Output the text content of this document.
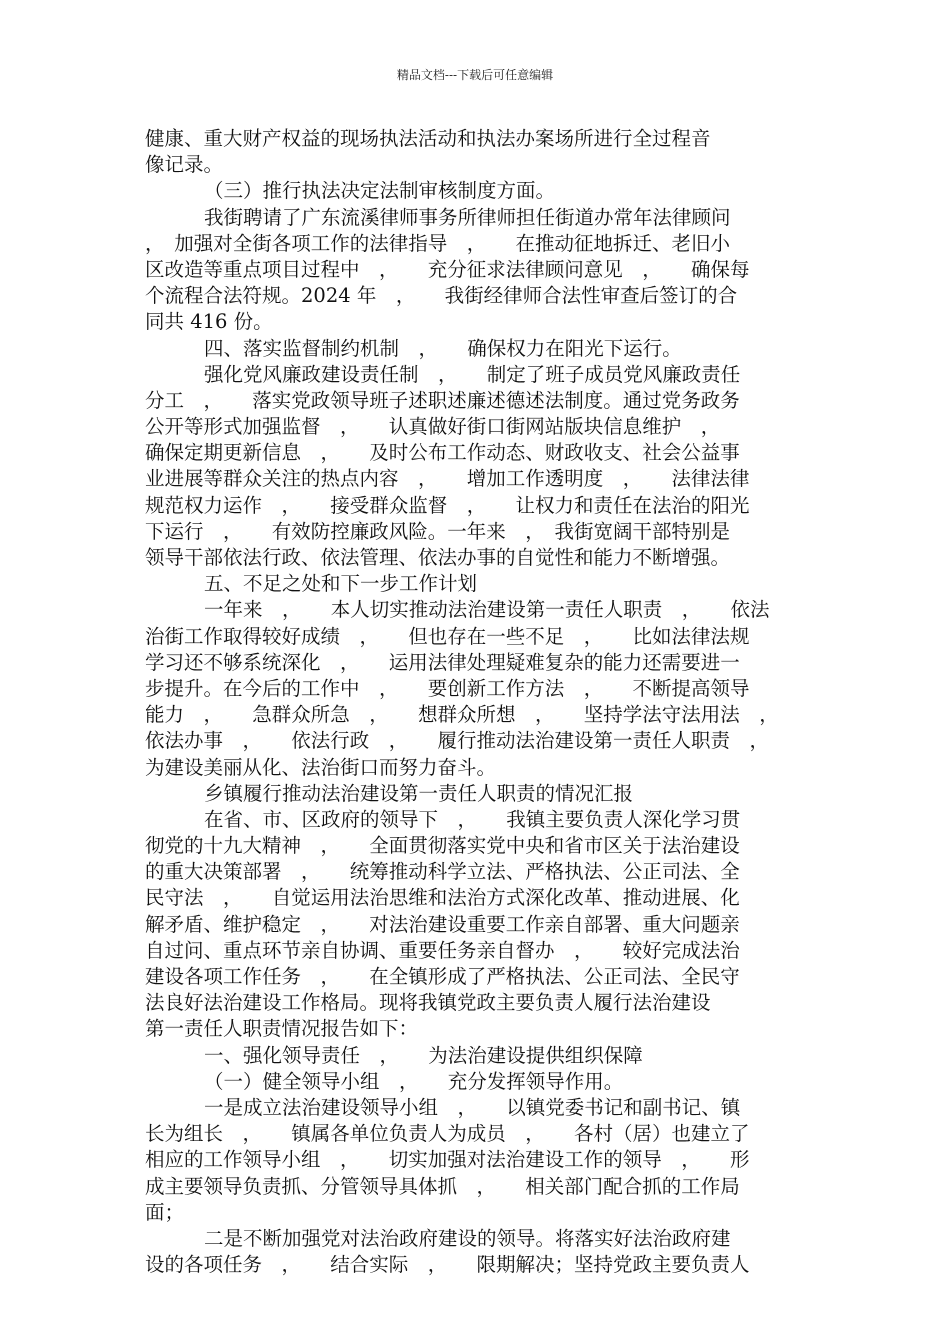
精品文档---下载后可任意编辑
健康、重大财产权益的现场执法活动和执法办案场所进行全过程音
像记录。
（三）推行执法决定法制审核制度方面。
我街聘请了广东流溪律师事务所律师担任街道办常年法律顾问
，　加强对全街各项工作的法律指导　，　　在推动征地拆迁、老旧小
区改造等重点项目过程中　，　　充分征求法律顾问意见　，　　确保每
个流程合法符规。2024 年　，　　我街经律师合法性审查后签订的合
同共 416 份。
四、落实监督制约机制　，　　确保权力在阳光下运行。
强化党风廉政建设责任制　，　　制定了班子成员党风廉政责任
分工　，　　落实党政领导班子述职述廉述德述法制度。通过党务政务
公开等形式加强监督　，　　认真做好街口街网站版块信息维护　，
确保定期更新信息　，　　及时公布工作动态、财政收支、社会公益事
业进展等群众关注的热点内容　，　　增加工作透明度　，　　法律法律
规范权力运作　，　　接受群众监督　，　　让权力和责任在法治的阳光
下运行　，　　有效防控廉政风险。一年来　，　我街宽阔干部特别是
领导干部依法行政、依法管理、依法办事的自觉性和能力不断增强。
五、不足之处和下一步工作计划
一年来　，　　本人切实推动法治建设第一责任人职责　，　　依法
治街工作取得较好成绩　，　　但也存在一些不足　，　　比如法律法规
学习还不够系统深化　，　　运用法律处理疑难复杂的能力还需要进一
步提升。在今后的工作中　，　　要创新工作方法　，　　不断提高领导
能力　，　　急群众所急　，　　想群众所想　，　　坚持学法守法用法　，
依法办事　，　　依法行政　，　　履行推动法治建设第一责任人职责　，
为建设美丽从化、法治街口而努力奋斗。
乡镇履行推动法治建设第一责任人职责的情况汇报
在省、市、区政府的领导下　，　　我镇主要负责人深化学习贯
彻党的十九大精神　，　　全面贯彻落实党中央和省市区关于法治建设
的重大决策部署　，　　统筹推动科学立法、严格执法、公正司法、全
民守法　，　　自觉运用法治思维和法治方式深化改革、推动进展、化
解矛盾、维护稳定　，　　对法治建设重要工作亲自部署、重大问题亲
自过问、重点环节亲自协调、重要任务亲自督办　，　　较好完成法治
建设各项工作任务　，　　在全镇形成了严格执法、公正司法、全民守
法良好法治建设工作格局。现将我镇党政主要负责人履行法治建设
第一责任人职责情况报告如下：
一、强化领导责任　，　　为法治建设提供组织保障
（一）健全领导小组　，　　充分发挥领导作用。
一是成立法治建设领导小组　，　　以镇党委书记和副书记、镇
长为组长　，　　镇属各单位负责人为成员　，　　各村（居）也建立了
相应的工作领导小组　，　　切实加强对法治建设工作的领导　，　　形
成主要领导负责抓、分管领导具体抓　，　　相关部门配合抓的工作局
面；
二是不断加强党对法治政府建设的领导。将落实好法治政府建
设的各项任务　，　　结合实际　，　　限期解决；坚持党政主要负责人
